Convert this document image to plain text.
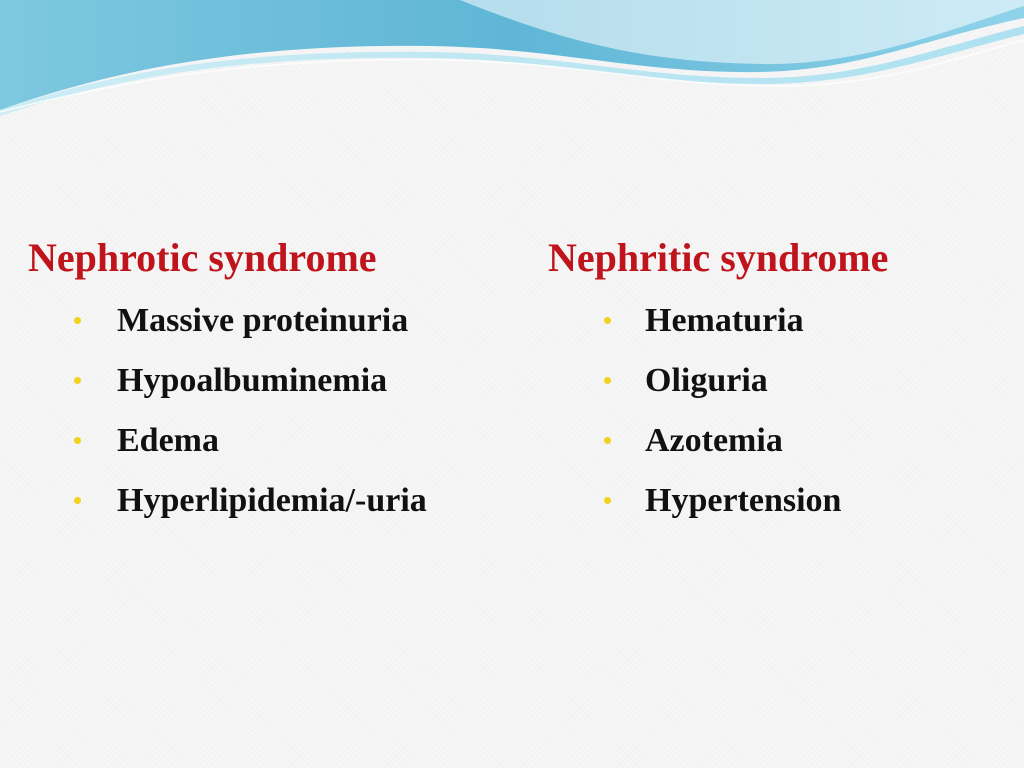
Nephrotic syndrome
Massive proteinuria
Hypoalbuminemia
Edema
Hyperlipidemia/-uria
Nephritic syndrome
Hematuria
Oliguria
Azotemia
Hypertension
